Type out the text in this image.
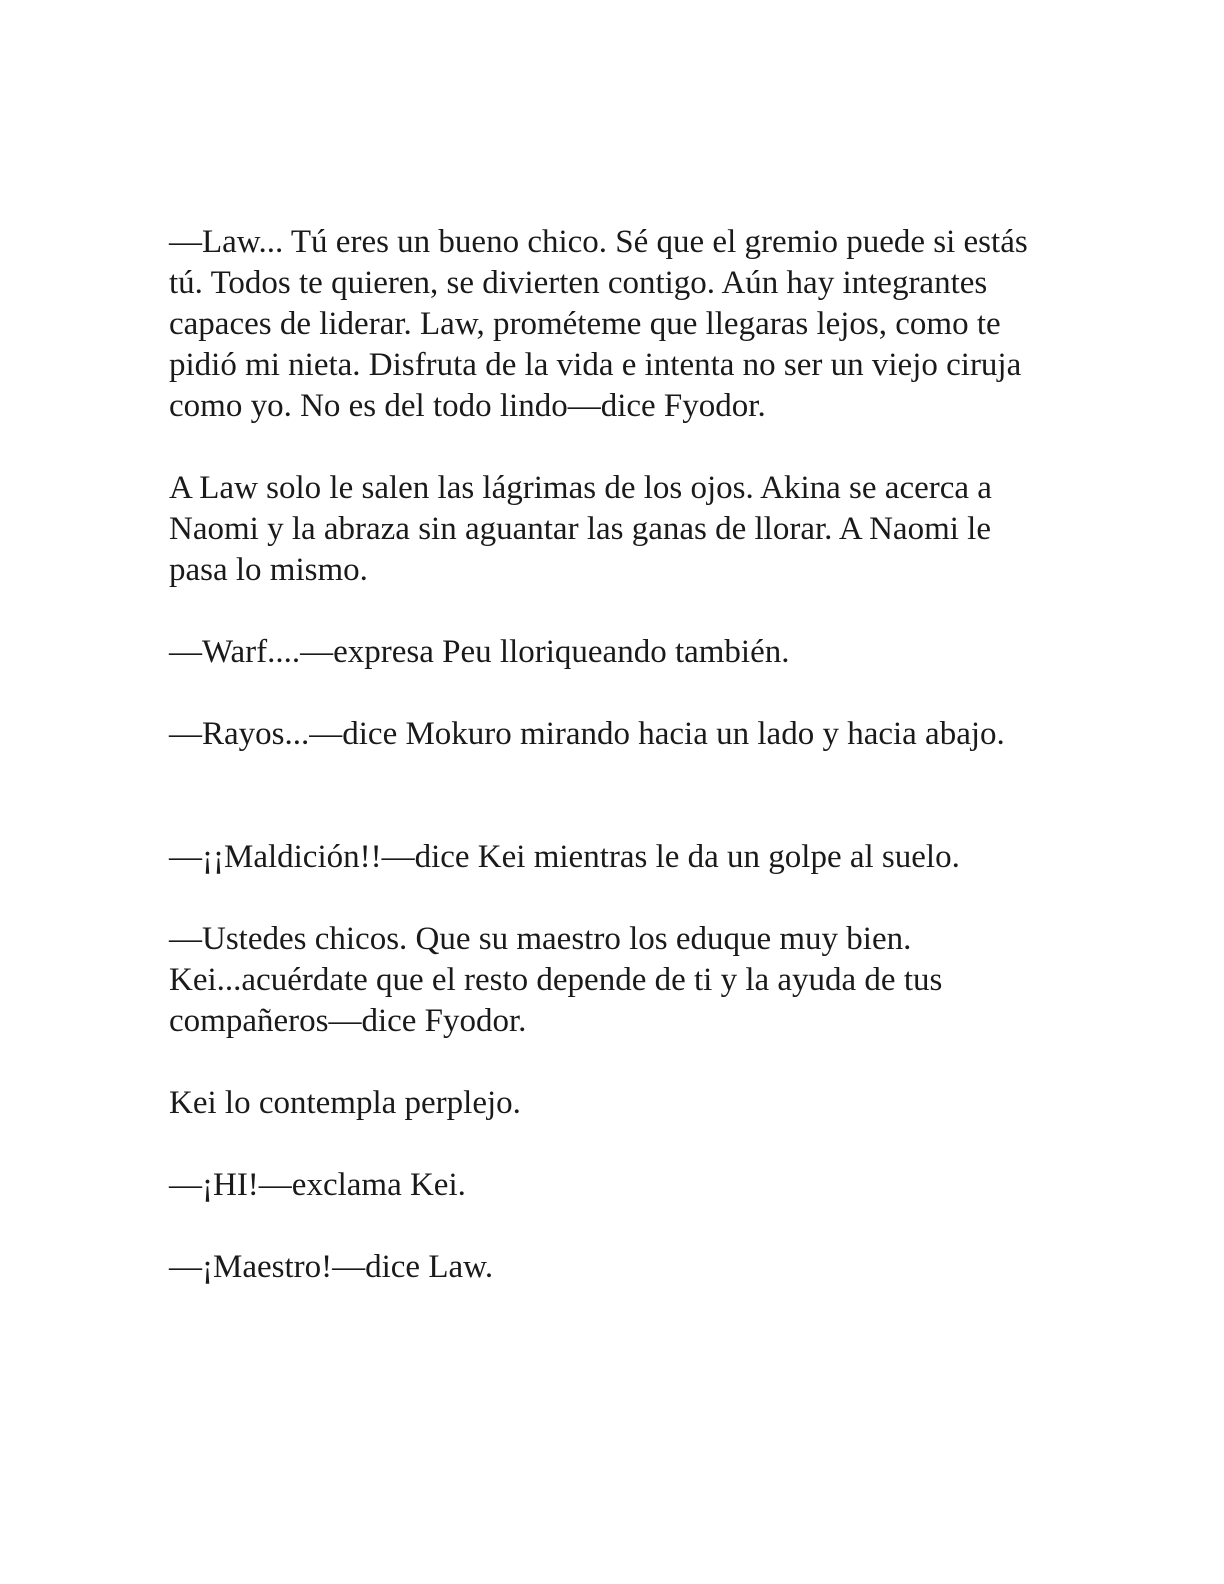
—Law... Tú eres un bueno chico. Sé que el gremio puede si estás tú. Todos te quieren, se divierten contigo. Aún hay integrantes capaces de liderar. Law, prométeme que llegaras lejos, como te pidió mi nieta. Disfruta de la vida e intenta no ser un viejo ciruja como yo. No es del todo lindo—dice Fyodor.

A Law solo le salen las lágrimas de los ojos. Akina se acerca a Naomi y la abraza sin aguantar las ganas de llorar. A Naomi le pasa lo mismo.

—Warf....—expresa Peu lloriqueando también.

—Rayos...—dice Mokuro mirando hacia un lado y hacia abajo.

—¡¡Maldición!!—dice Kei mientras le da un golpe al suelo.

—Ustedes chicos. Que su maestro los eduque muy bien. Kei...acuérdate que el resto depende de ti y la ayuda de tus compañeros—dice Fyodor.

Kei lo contempla perplejo.

—¡HI!—exclama Kei.

—¡Maestro!—dice Law.
